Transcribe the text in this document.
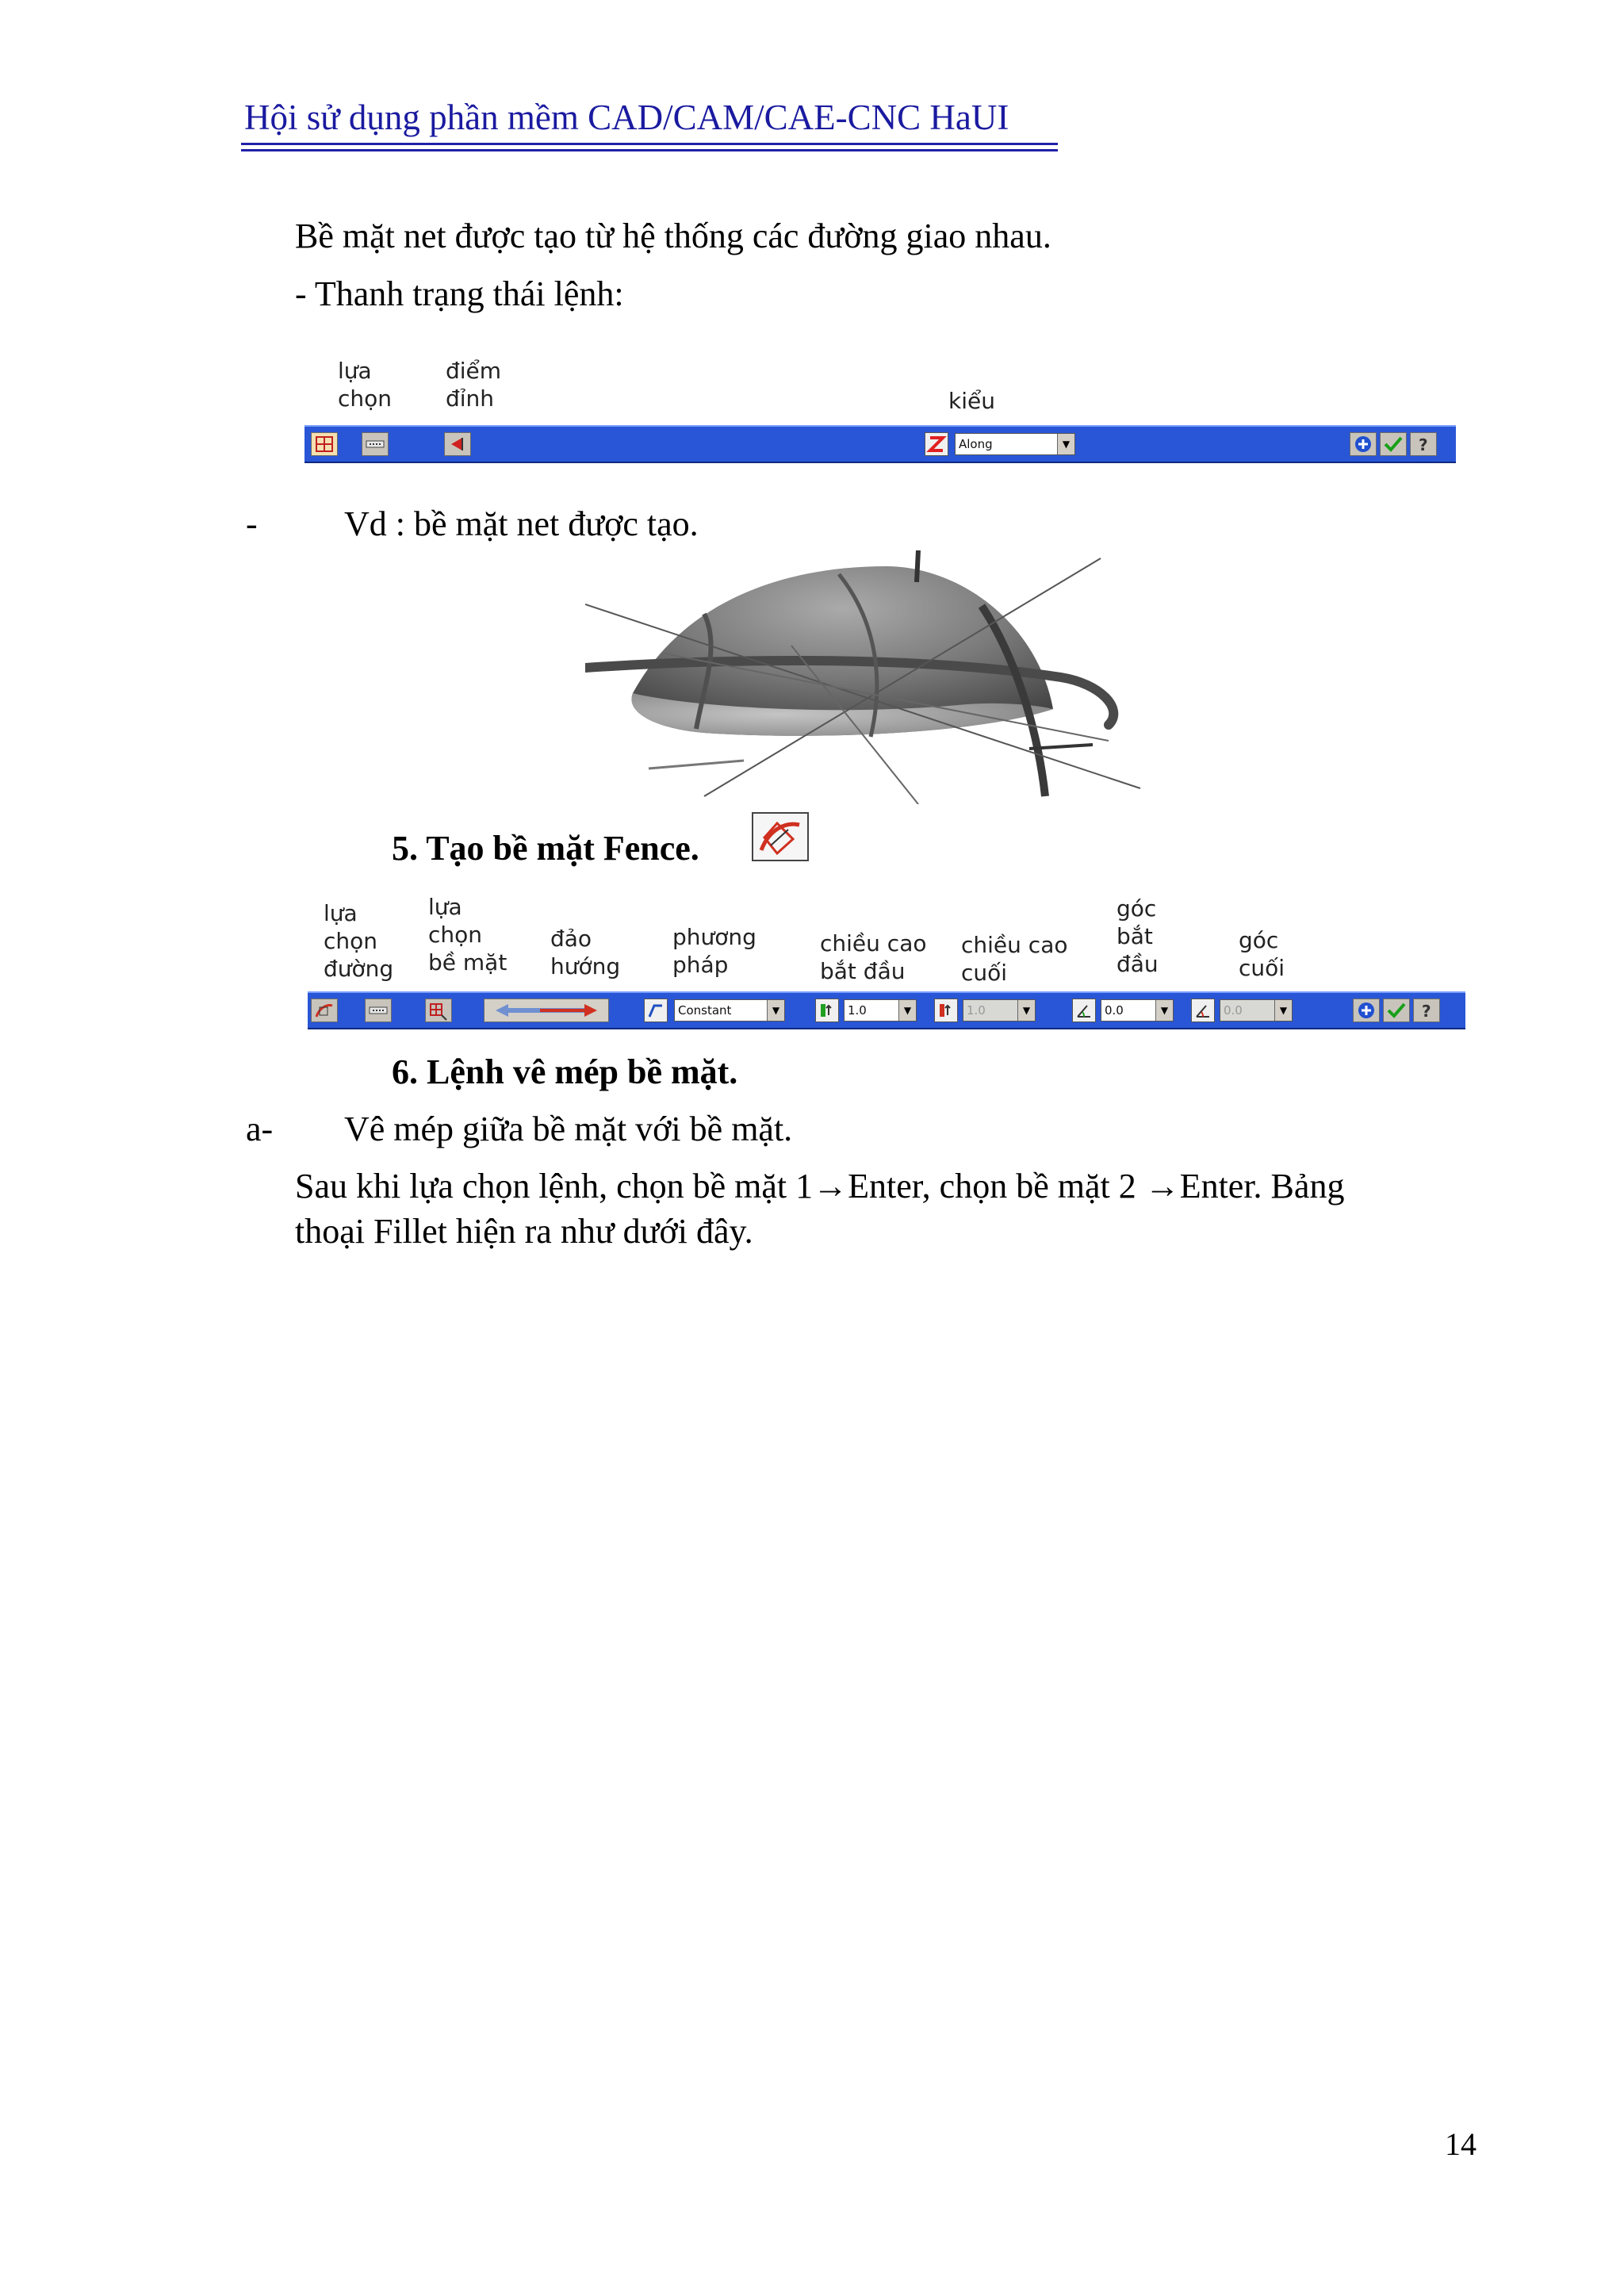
Hội sử dụng phần mềm CAD/CAM/CAE-CNC HaUI
Bề mặt net được tạo từ hệ thống các đường giao nhau.
- Thanh trạng thái lệnh:
lựa
chọn
điểm
đỉnh	kiểu
Along	▼	?
- Vd : bề mặt net được tạo.
5. Tạo bề mặt Fence.
lựa
chọn
đường
lựa
chọn
bề mặt
đảo
hướng
phương
pháp
chiều cao
bắt đầu
chiều cao
cuối
góc
bắt
đầu
góc
cuối
Constant	▼	1.0	▼	1.0	▼	0.0	▼	0.0	▼	?
6. Lệnh vê mép bề mặt.
a- Vê mép giữa bề mặt với bề mặt.
Sau khi lựa chọn lệnh, chọn bề mặt 1→Enter, chọn bề mặt 2 →Enter. Bảng
thoại Fillet hiện ra như dưới đây.
14
